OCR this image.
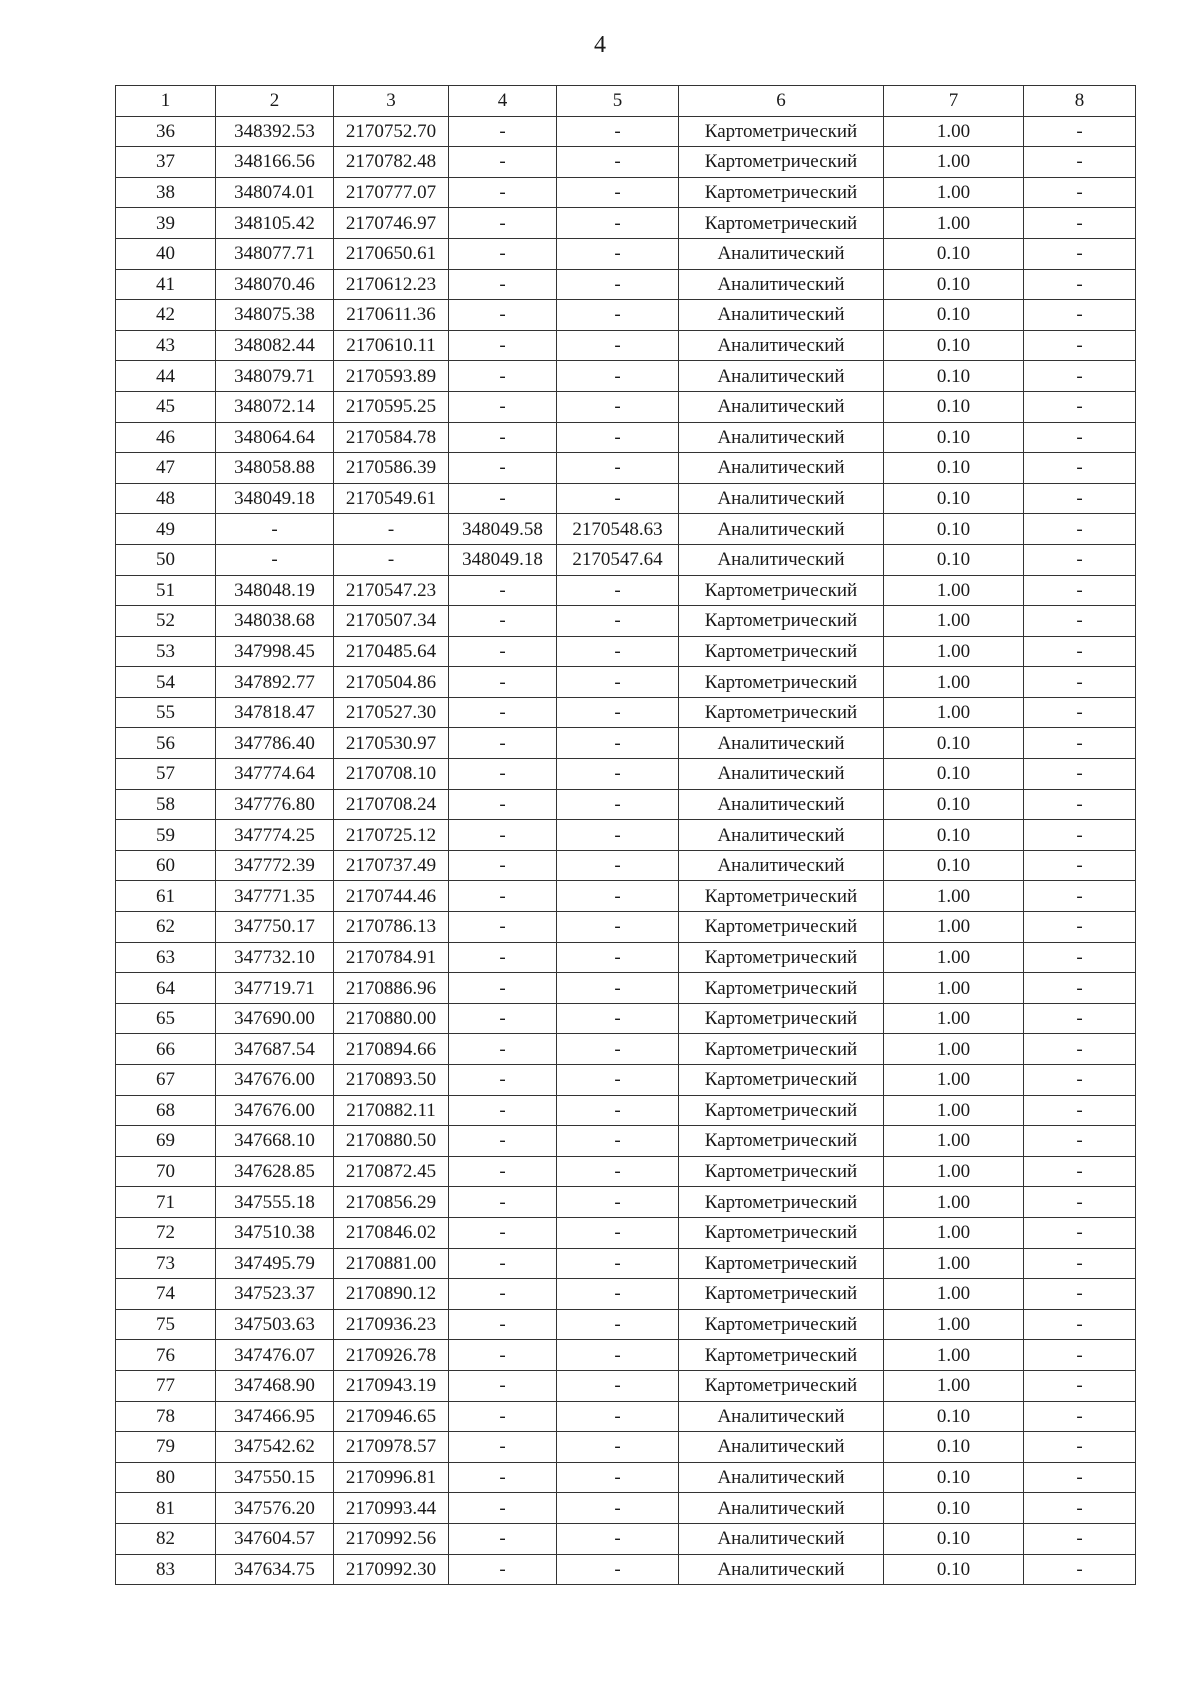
4
1	2	3	4	5	6	7	8
36	348392.53	2170752.70	-	-	Картометрический	1.00	-
37	348166.56	2170782.48	-	-	Картометрический	1.00	-
38	348074.01	2170777.07	-	-	Картометрический	1.00	-
39	348105.42	2170746.97	-	-	Картометрический	1.00	-
40	348077.71	2170650.61	-	-	Аналитический	0.10	-
41	348070.46	2170612.23	-	-	Аналитический	0.10	-
42	348075.38	2170611.36	-	-	Аналитический	0.10	-
43	348082.44	2170610.11	-	-	Аналитический	0.10	-
44	348079.71	2170593.89	-	-	Аналитический	0.10	-
45	348072.14	2170595.25	-	-	Аналитический	0.10	-
46	348064.64	2170584.78	-	-	Аналитический	0.10	-
47	348058.88	2170586.39	-	-	Аналитический	0.10	-
48	348049.18	2170549.61	-	-	Аналитический	0.10	-
49	-	-	348049.58	2170548.63	Аналитический	0.10	-
50	-	-	348049.18	2170547.64	Аналитический	0.10	-
51	348048.19	2170547.23	-	-	Картометрический	1.00	-
52	348038.68	2170507.34	-	-	Картометрический	1.00	-
53	347998.45	2170485.64	-	-	Картометрический	1.00	-
54	347892.77	2170504.86	-	-	Картометрический	1.00	-
55	347818.47	2170527.30	-	-	Картометрический	1.00	-
56	347786.40	2170530.97	-	-	Аналитический	0.10	-
57	347774.64	2170708.10	-	-	Аналитический	0.10	-
58	347776.80	2170708.24	-	-	Аналитический	0.10	-
59	347774.25	2170725.12	-	-	Аналитический	0.10	-
60	347772.39	2170737.49	-	-	Аналитический	0.10	-
61	347771.35	2170744.46	-	-	Картометрический	1.00	-
62	347750.17	2170786.13	-	-	Картометрический	1.00	-
63	347732.10	2170784.91	-	-	Картометрический	1.00	-
64	347719.71	2170886.96	-	-	Картометрический	1.00	-
65	347690.00	2170880.00	-	-	Картометрический	1.00	-
66	347687.54	2170894.66	-	-	Картометрический	1.00	-
67	347676.00	2170893.50	-	-	Картометрический	1.00	-
68	347676.00	2170882.11	-	-	Картометрический	1.00	-
69	347668.10	2170880.50	-	-	Картометрический	1.00	-
70	347628.85	2170872.45	-	-	Картометрический	1.00	-
71	347555.18	2170856.29	-	-	Картометрический	1.00	-
72	347510.38	2170846.02	-	-	Картометрический	1.00	-
73	347495.79	2170881.00	-	-	Картометрический	1.00	-
74	347523.37	2170890.12	-	-	Картометрический	1.00	-
75	347503.63	2170936.23	-	-	Картометрический	1.00	-
76	347476.07	2170926.78	-	-	Картометрический	1.00	-
77	347468.90	2170943.19	-	-	Картометрический	1.00	-
78	347466.95	2170946.65	-	-	Аналитический	0.10	-
79	347542.62	2170978.57	-	-	Аналитический	0.10	-
80	347550.15	2170996.81	-	-	Аналитический	0.10	-
81	347576.20	2170993.44	-	-	Аналитический	0.10	-
82	347604.57	2170992.56	-	-	Аналитический	0.10	-
83	347634.75	2170992.30	-	-	Аналитический	0.10	-
